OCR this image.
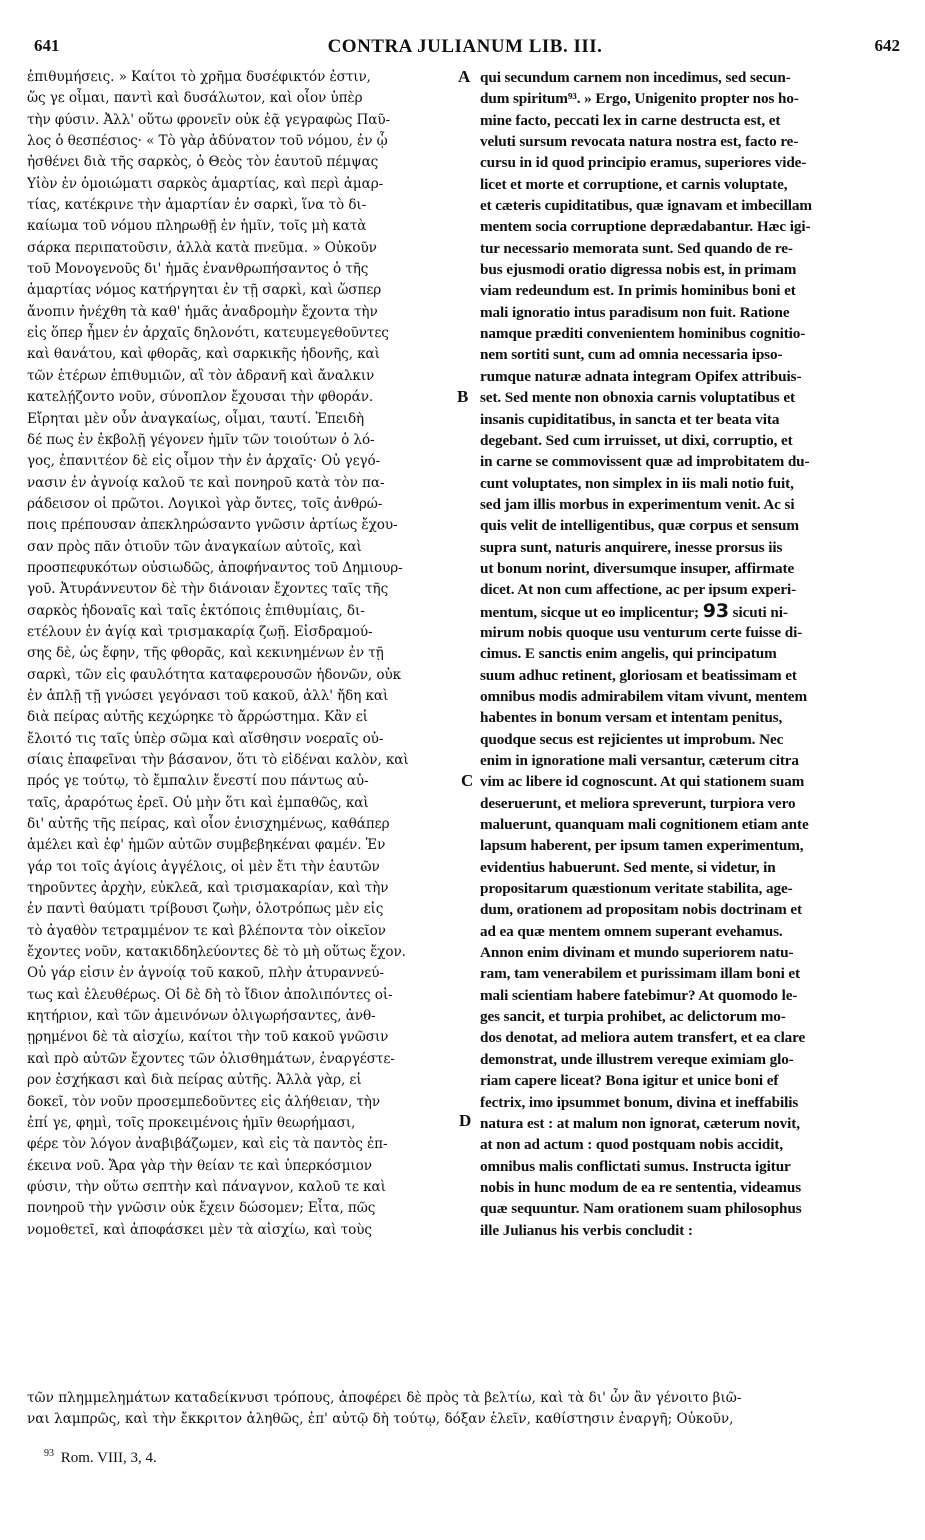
641	CONTRA JULIANUM LIB. III.	642
ἐπιθυμήσεις. » Καίτοι τὸ χρῆμα δυσέφικτόν ἐστιν,
ὥς γε οἶμαι, παντὶ καὶ δυσάλωτον, καὶ οἷον ὑπὲρ
τὴν φύσιν. Ἀλλ' οὕτω φρονεῖν οὐκ ἐᾷ γεγραφὼς Παῦ-
λος ὁ θεσπέσιος· « Τὸ γὰρ ἀδύνατον τοῦ νόμου, ἐν ᾧ
ἠσθένει διὰ τῆς σαρκὸς, ὁ Θεὸς τὸν ἑαυτοῦ πέμψας
Υἱὸν ἐν ὁμοιώματι σαρκὸς ἁμαρτίας, καὶ περὶ ἁμαρ-
τίας, κατέκρινε τὴν ἁμαρτίαν ἐν σαρκὶ, ἵνα τὸ δι-
καίωμα τοῦ νόμου πληρωθῇ ἐν ἡμῖν, τοῖς μὴ κατὰ
σάρκα περιπατοῦσιν, ἀλλὰ κατὰ πνεῦμα. » Οὐκοῦν
τοῦ Μονογενοῦς δι' ἡμᾶς ἐνανθρωπήσαντος ὁ τῆς
ἁμαρτίας νόμος κατήργηται ἐν τῇ σαρκὶ, καὶ ὥσπερ
ἄνοπιν ἠνέχθη τὰ καθ' ἡμᾶς ἀναδρομὴν ἔχοντα τὴν
εἰς ὅπερ ἦμεν ἐν ἀρχαῖς δηλονότι, κατευμεγεθοῦντες
καὶ θανάτου, καὶ φθορᾶς, καὶ σαρκικῆς ἡδονῆς, καὶ
τῶν ἑτέρων ἐπιθυμιῶν, αἳ τὸν ἀδρανῆ καὶ ἄναλκιν
κατελῄζοντο νοῦν, σύνοπλον ἔχουσαι τὴν φθοράν.
Εἴρηται μὲν οὖν ἀναγκαίως, οἶμαι, ταυτί. Ἐπειδὴ
δέ πως ἐν ἐκβολῇ γέγονεν ἡμῖν τῶν τοιούτων ὁ λό-
γος, ἐπανιτέον δὲ εἰς οἶμον τὴν ἐν ἀρχαῖς· Οὐ γεγό-
νασιν ἐν ἀγνοίᾳ καλοῦ τε καὶ πονηροῦ κατὰ τὸν πα-
ράδεισον οἱ πρῶτοι. Λογικοὶ γὰρ ὄντες, τοῖς ἀνθρώ-
ποις πρέπουσαν ἀπεκληρώσαντο γνῶσιν ἀρτίως ἔχου-
σαν πρὸς πᾶν ὁτιοῦν τῶν ἀναγκαίων αὐτοῖς, καὶ
προσπεφυκότων οὐσιωδῶς, ἀποφήναντος τοῦ Δημιουρ-
γοῦ. Ἀτυράννευτον δὲ τὴν διάνοιαν ἔχοντες ταῖς τῆς
σαρκὸς ἡδοναῖς καὶ ταῖς ἐκτόποις ἐπιθυμίαις, δι-
ετέλουν ἐν ἁγίᾳ καὶ τρισμακαρίᾳ ζωῇ. Εἰσδραμού-
σης δὲ, ὡς ἔφην, τῆς φθορᾶς, καὶ κεκινημένων ἐν τῇ
σαρκὶ, τῶν εἰς φαυλότητα καταφερουσῶν ἡδονῶν, οὐκ
ἐν ἁπλῇ τῇ γνώσει γεγόνασι τοῦ κακοῦ, ἀλλ' ἤδη καὶ
διὰ πείρας αὐτῆς κεχώρηκε τὸ ἄρρώστημα. Κἂν εἰ
ἔλοιτό τις ταῖς ὑπὲρ σῶμα καὶ αἴσθησιν νοεραῖς οὐ-
σίαις ἐπαφεῖναι τὴν βάσανον, ὅτι τὸ εἰδέναι καλὸν, καὶ
πρός γε τούτῳ, τὸ ἔμπαλιν ἔνεστί που πάντως αὐ-
ταῖς, ἀραρότως ἐρεῖ. Οὐ μὴν ὅτι καὶ ἐμπαθῶς, καὶ
δι' αὐτῆς τῆς πείρας, καὶ οἷον ἐνισχημένως, καθάπερ
ἀμέλει καὶ ἐφ' ἡμῶν αὐτῶν συμβεβηκέναι φαμέν. Ἐν
γάρ τοι τοῖς ἁγίοις ἀγγέλοις, οἱ μὲν ἔτι τὴν ἑαυτῶν
τηροῦντες ἀρχὴν, εὐκλεᾶ, καὶ τρισμακαρίαν, καὶ τὴν
ἐν παντὶ θαύματι τρίβουσι ζωὴν, ὁλοτρόπως μὲν εἰς
τὸ ἀγαθὸν τετραμμένον τε καὶ βλέποντα τὸν οἰκεῖον
ἔχοντες νοῦν, κατακιδδηλεύοντες δὲ τὸ μὴ οὕτως ἔχον.
Οὐ γάρ εἰσιν ἐν ἀγνοίᾳ τοῦ κακοῦ, πλὴν ἀτυραννεύ-
τως καὶ ἐλευθέρως. Οἱ δὲ δὴ τὸ ἴδιον ἀπολιπόντες οἰ-
κητήριον, καὶ τῶν ἀμεινόνων ὀλιγωρήσαντες, ἀνθ-
ῃρημένοι δὲ τὰ αἰσχίω, καίτοι τὴν τοῦ κακοῦ γνῶσιν
καὶ πρὸ αὐτῶν ἔχοντες τῶν ὀλισθημάτων, ἐναργέστε-
ρον ἐσχήκασι καὶ διὰ πείρας αὐτῆς. Ἀλλὰ γὰρ, εἰ
δοκεῖ, τὸν νοῦν προσεμπεδοῦντες εἰς ἀλήθειαν, τὴν
ἐπί γε, φημὶ, τοῖς προκειμένοις ἡμῖν θεωρήμασι,
φέρε τὸν λόγον ἀναβιβάζωμεν, καὶ εἰς τὰ παντὸς ἐπ-
έκεινα νοῦ. Ἄρα γὰρ τὴν θείαν τε καὶ ὑπερκόσμιον
φύσιν, τὴν οὕτω σεπτὴν καὶ πάναγνον, καλοῦ τε καὶ
πονηροῦ τὴν γνῶσιν οὐκ ἔχειν δώσομεν; Εἶτα, πῶς
νομοθετεῖ, καὶ ἀποφάσκει μὲν τὰ αἰσχίω, καὶ τοὺς
qui secundum carnem non incedimus, sed secun-
dum spiritum⁹³. » Ergo, Unigenito propter nos ho-
mine facto, peccati lex in carne destructa est, et
veluti sursum revocata natura nostra est, facto re-
cursu in id quod principio eramus, superiores vide-
licet et morte et corruptione, et carnis voluptate,
et cæteris cupiditatibus, quæ ignavam et imbecillam
mentem socia corruptione deprædabantur. Hæc igi-
tur necessario memorata sunt. Sed quando de re-
bus ejusmodi oratio digressa nobis est, in primam
viam redeundum est. In primis hominibus boni et
mali ignoratio intus paradisum non fuit. Ratione
namque præditi convenientem hominibus cognitio-
nem sortiti sunt, cum ad omnia necessaria ipso-
rumque naturæ adnata integram Opifex attribuis-
set. Sed mente non obnoxia carnis voluptatibus et
insanis cupiditatibus, in sancta et ter beata vita
degebant. Sed cum irruisset, ut dixi, corruptio, et
in carne se commovissent quæ ad improbitatem du-
cunt voluptates, non simplex in iis mali notio fuit,
sed jam illis morbus in experimentum venit. Ac si
quis velit de intelligentibus, quæ corpus et sensum
supra sunt, naturis anquirere, inesse prorsus iis
ut bonum norint, diversumque insuper, affirmate
dicet. At non cum affectione, ac per ipsum experi-
mentum, sicque ut eo implicentur; 93 sicuti ni-
mirum nobis quoque usu venturum certe fuisse di-
cimus. E sanctis enim angelis, qui principatum
suum adhuc retinent, gloriosam et beatissimam et
omnibus modis admirabilem vitam vivunt, mentem
habentes in bonum versam et intentam penitus,
quodque secus est rejicientes ut improbum. Nec
enim in ignoratione mali versantur, cæterum citra
vim ac libere id cognoscunt. At qui stationem suam
deseruerunt, et meliora spreverunt, turpiora vero
maluerunt, quanquam mali cognitionem etiam ante
lapsum haberent, per ipsum tamen experimentum,
evidentius habuerunt. Sed mente, si videtur, in
propositarum quæstionum veritate stabilita, age-
dum, orationem ad propositam nobis doctrinam et
ad ea quæ mentem omnem superant evehamus.
Annon enim divinam et mundo superiorem natu-
ram, tam venerabilem et purissimam illam boni et
mali scientiam habere fatebimur? At quomodo le-
ges sancit, et turpia prohibet, ac delictorum mo-
dos denotat, ad meliora autem transfert, et ea clare
demonstrat, unde illustrem vereque eximiam glo-
riam capere liceat? Bona igitur et unice boni ef
fectrix, imo ipsummet bonum, divina et ineffabilis
natura est : at malum non ignorat, cæterum novit,
at non ad actum : quod postquam nobis accidit,
omnibus malis conflictati sumus. Instructa igitur
nobis in hunc modum de ea re sententia, videamus
quæ sequuntur. Nam orationem suam philosophus
ille Julianus his verbis concludit :
A
B
C
D
τῶν πλημμελημάτων καταδείκνυσι τρόπους, ἀποφέρει δὲ πρὸς τὰ βελτίω, καὶ τὰ δι' ὧν ἂν γένοιτο βιῶ-
ναι λαμπρῶς, καὶ τὴν ἔκκριτον ἀληθῶς, ἐπ' αὐτῷ δὴ τούτῳ, δόξαν ἑλεῖν, καθίστησιν ἐναργῆ; Οὐκοῦν,
$^{93}$ Rom. VIII, 3, 4.
